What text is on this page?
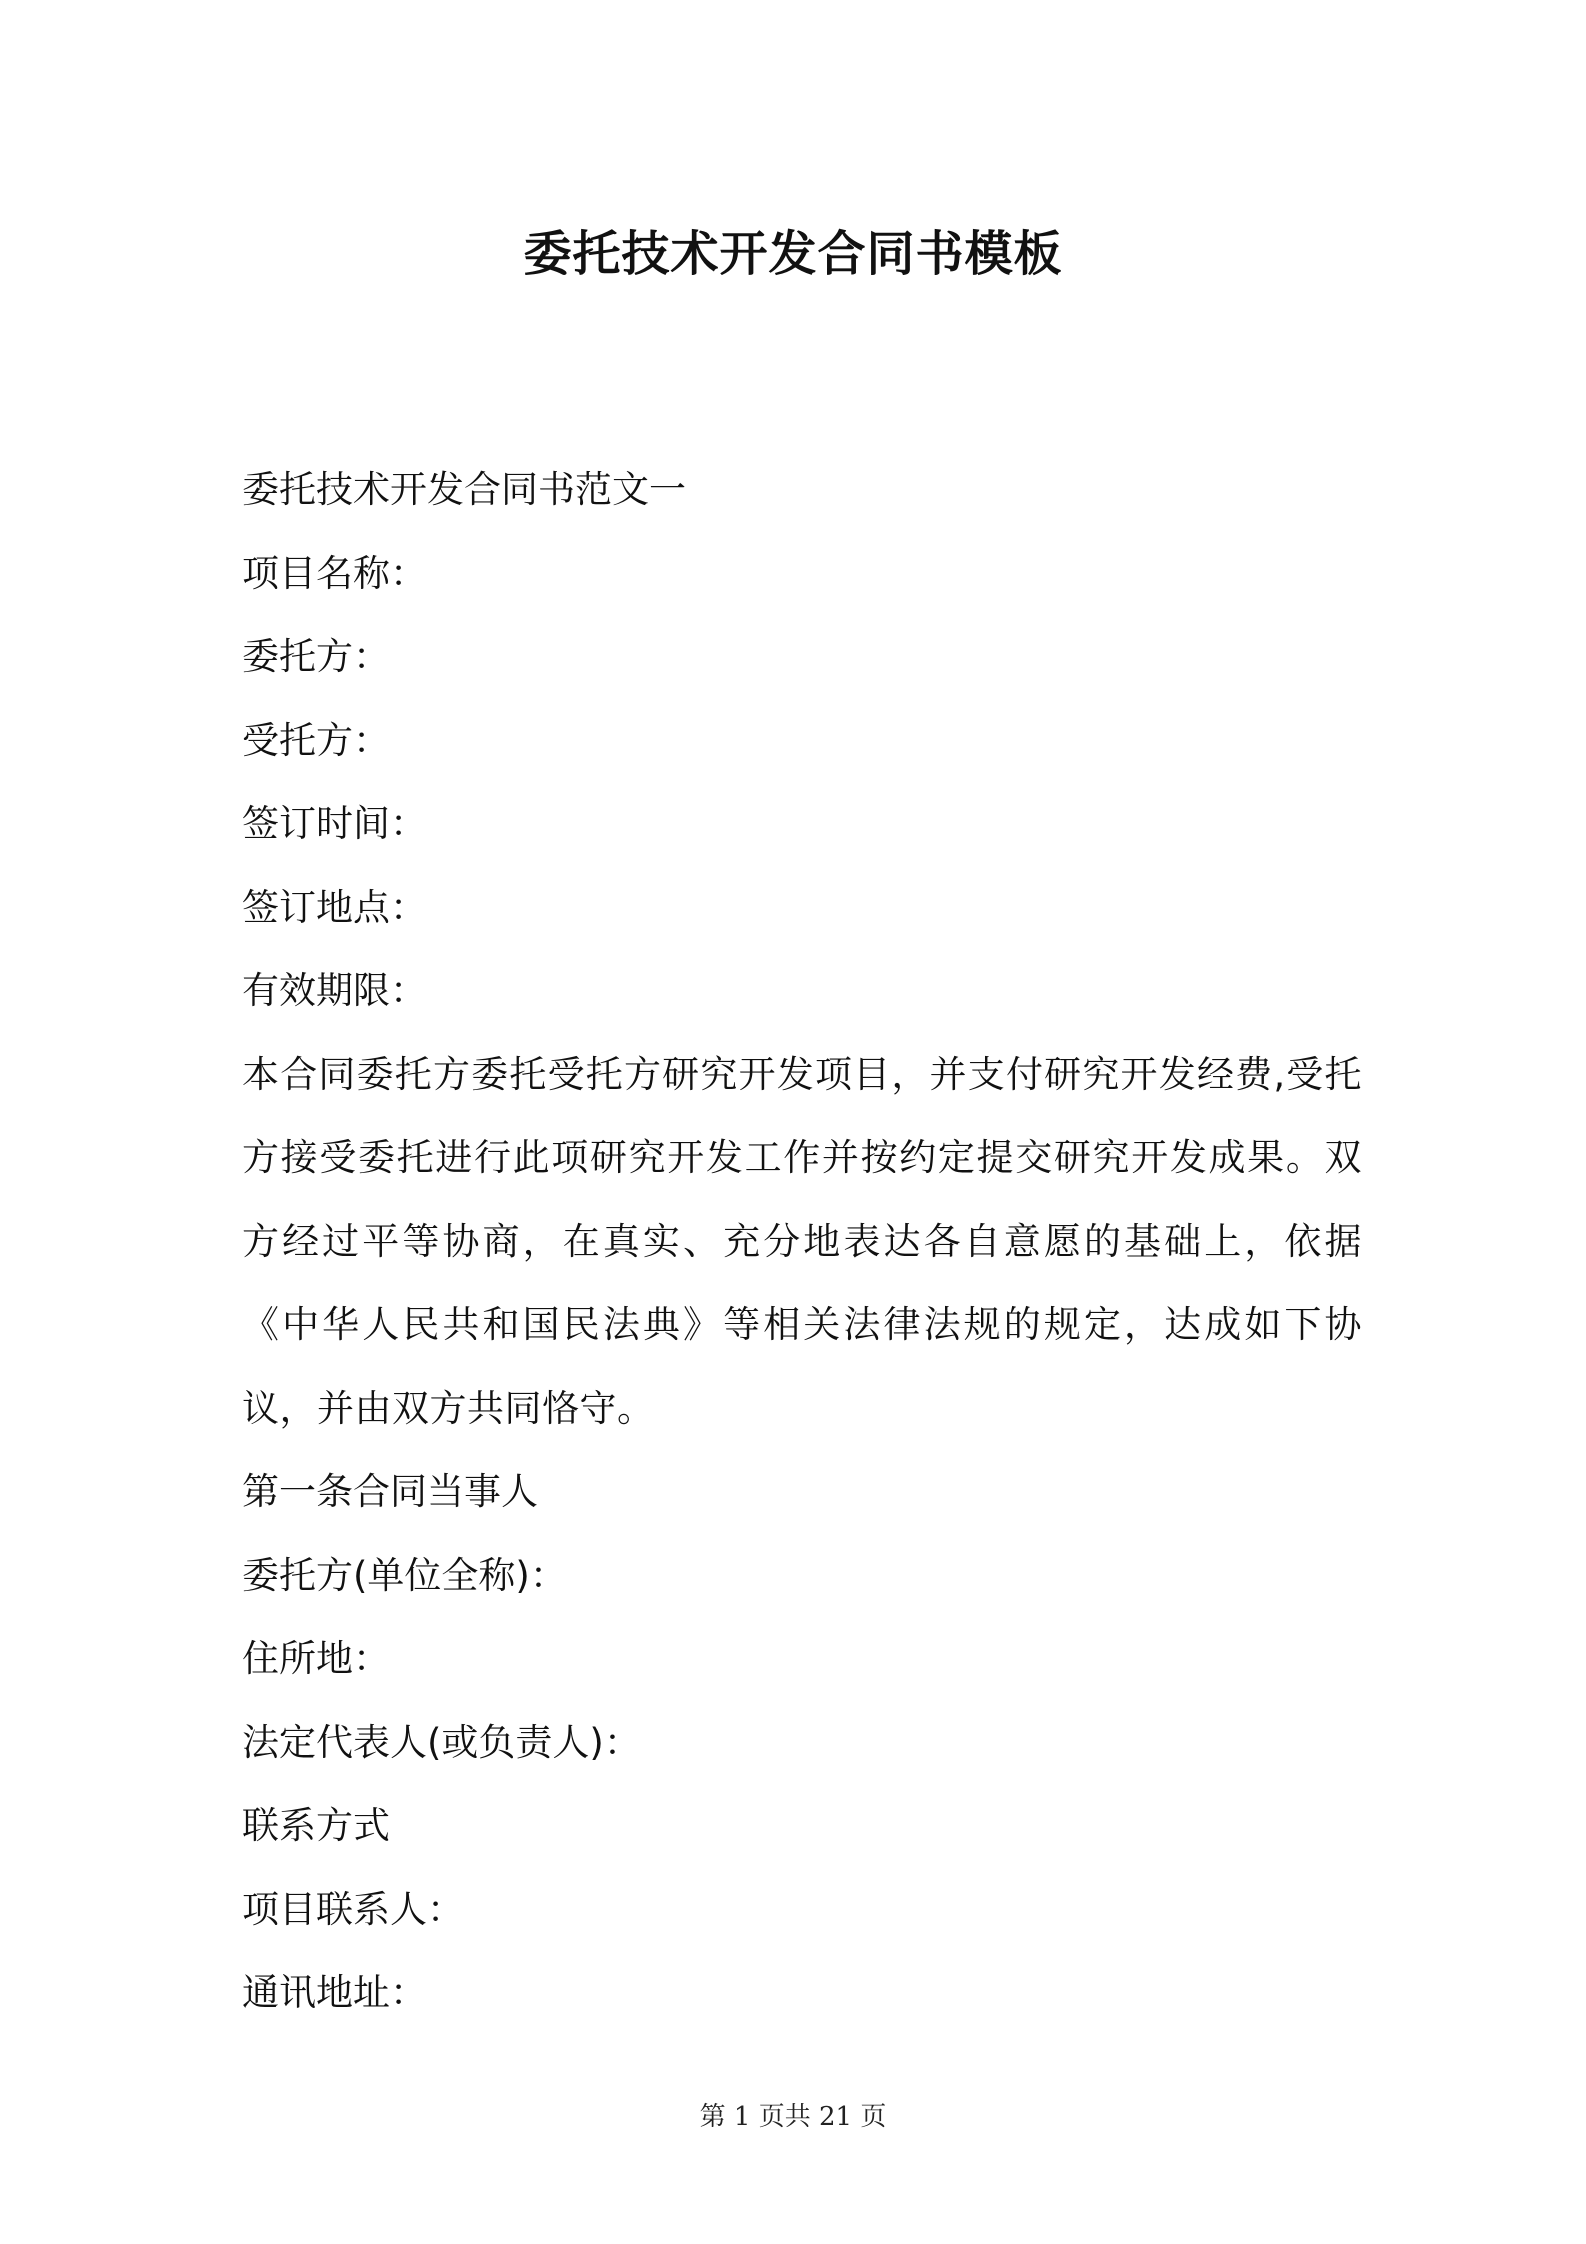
委托技术开发合同书模板

委托技术开发合同书范文一

项目名称：

委托方：

受托方：

签订时间：

签订地点：

有效期限：

本合同委托方委托受托方研究开发项目，并支付研究开发经费,受托方接受委托进行此项研究开发工作并按约定提交研究开发成果。双方经过平等协商，在真实、充分地表达各自意愿的基础上，依据《中华人民共和国民法典》等相关法律法规的规定，达成如下协议，并由双方共同恪守。

第一条合同当事人

委托方(单位全称)：

住所地：

法定代表人(或负责人)：

联系方式

项目联系人：

通讯地址：

第 1 页共 21 页
